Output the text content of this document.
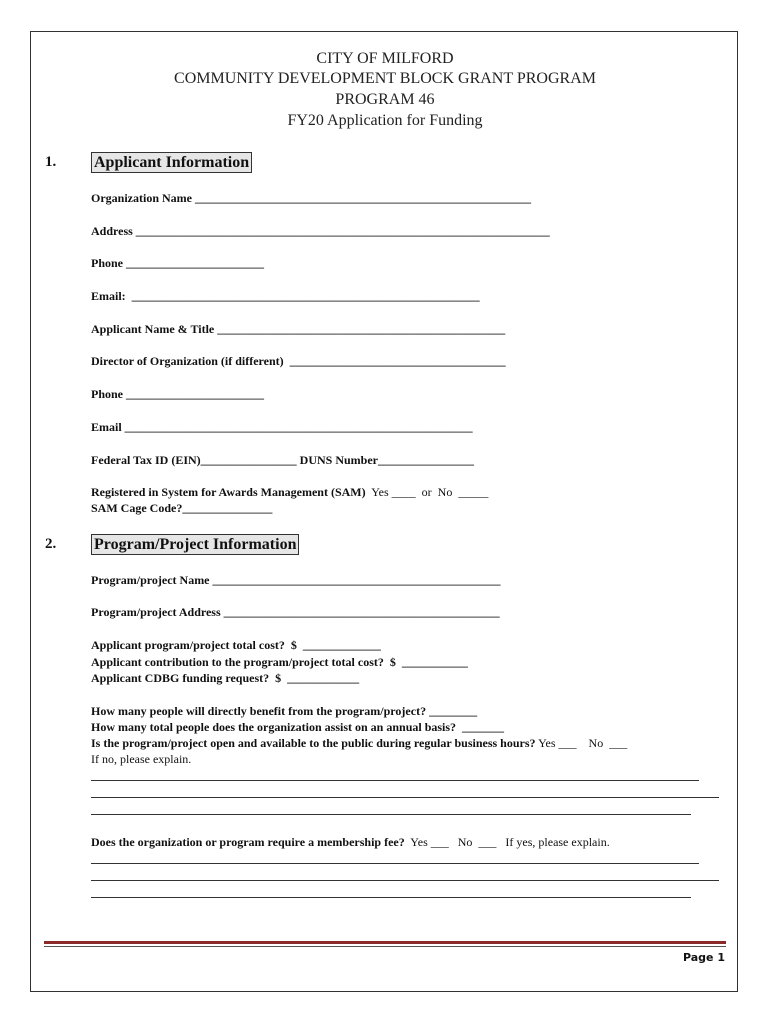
CITY OF MILFORD
COMMUNITY DEVELOPMENT BLOCK GRANT PROGRAM
PROGRAM 46
FY20 Application for Funding
1. Applicant Information
Organization Name ________________________________________________________
Address _____________________________________________________________________
Phone _______________________
Email:  __________________________________________________________
Applicant Name & Title ________________________________________________
Director of Organization (if different)  ____________________________________
Phone _______________________
Email __________________________________________________________
Federal Tax ID (EIN)________________ DUNS Number________________
Registered in System for Awards Management (SAM)  Yes ____  or  No  _____
SAM Cage Code?_______________
2. Program/Project Information
Program/project Name ________________________________________________
Program/project Address ______________________________________________
Applicant program/project total cost?  $  _____________
Applicant contribution to the program/project total cost?  $  ___________
Applicant CDBG funding request?  $  ____________
How many people will directly benefit from the program/project? ________
How many total people does the organization assist on an annual basis?  _______
Is the program/project open and available to the public during regular business hours? Yes ___    No  ___
If no, please explain.
Does the organization or program require a membership fee?  Yes ___   No  ___   If yes, please explain.
Page 1
